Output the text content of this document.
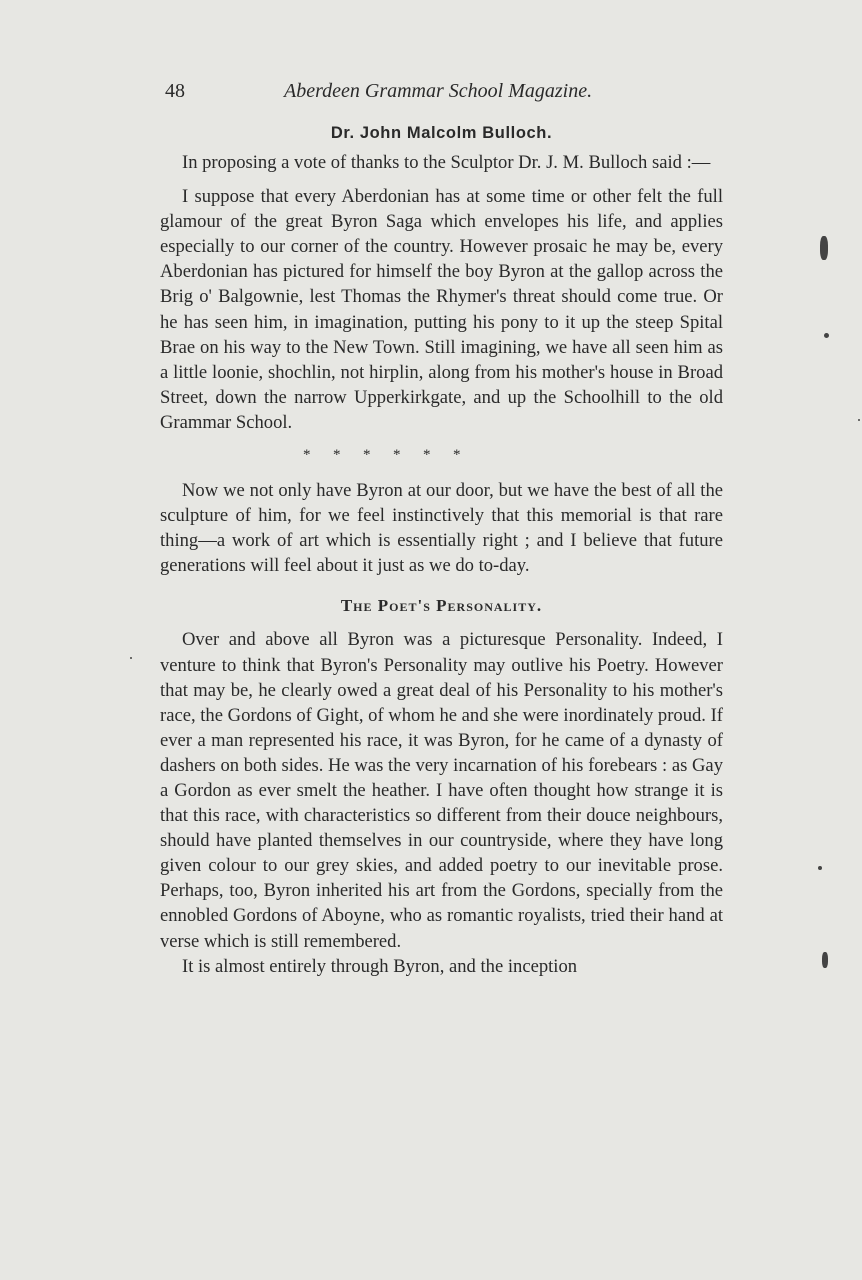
48	Aberdeen Grammar School Magazine.
Dr. John Malcolm Bulloch.

In proposing a vote of thanks to the Sculptor Dr. J. M. Bulloch said :—

I suppose that every Aberdonian has at some time or other felt the full glamour of the great Byron Saga which envelopes his life, and applies especially to our corner of the country. However prosaic he may be, every Aberdonian has pictured for himself the boy Byron at the gallop across the Brig o' Balgownie, lest Thomas the Rhymer's threat should come true. Or he has seen him, in imagination, putting his pony to it up the steep Spital Brae on his way to the New Town. Still imagining, we have all seen him as a little loonie, shochlin, not hirplin, along from his mother's house in Broad Street, down the narrow Upperkirkgate, and up the Schoolhill to the old Grammar School.

*      *      *      *      *      *

Now we not only have Byron at our door, but we have the best of all the sculpture of him, for we feel instinctively that this memorial is that rare thing—a work of art which is essentially right ; and I believe that future generations will feel about it just as we do to-day.

The Poet's Personality.

Over and above all Byron was a picturesque Personality. Indeed, I venture to think that Byron's Personality may outlive his Poetry. However that may be, he clearly owed a great deal of his Personality to his mother's race, the Gordons of Gight, of whom he and she were inordinately proud. If ever a man represented his race, it was Byron, for he came of a dynasty of dashers on both sides. He was the very incarnation of his forebears : as Gay a Gordon as ever smelt the heather. I have often thought how strange it is that this race, with characteristics so different from their douce neighbours, should have planted themselves in our countryside, where they have long given colour to our grey skies, and added poetry to our inevitable prose. Perhaps, too, Byron inherited his art from the Gordons, specially from the ennobled Gordons of Aboyne, who as romantic royalists, tried their hand at verse which is still remembered.

It is almost entirely through Byron, and the inception
